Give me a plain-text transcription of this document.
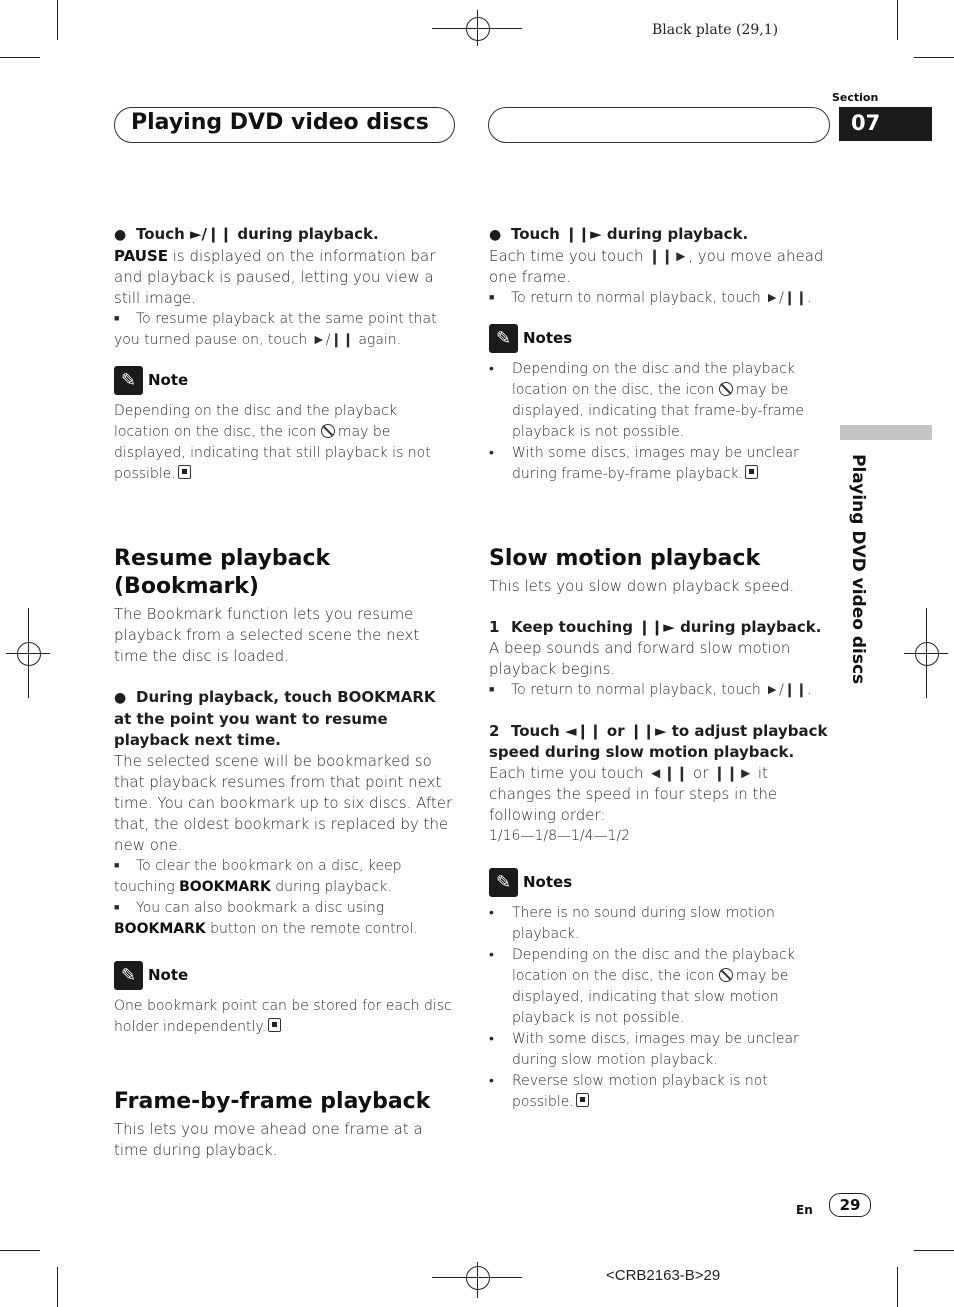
Black plate (29,1)
Playing DVD video discs
Section
07
Playing DVD video discs
● Touch ►/❙❙ during playback.

PAUSE is displayed on the information bar and playback is paused, letting you view a still image.

■ To resume playback at the same point that you turned pause on, touch ►/❙❙ again.

✎ Note

Depending on the disc and the playback location on the disc, the icon may be displayed, indicating that still playback is not possible.

Resume playback (Bookmark)

The Bookmark function lets you resume playback from a selected scene the next time the disc is loaded.

● During playback, touch BOOKMARK at the point you want to resume playback next time.

The selected scene will be bookmarked so that playback resumes from that point next time. You can bookmark up to six discs. After that, the oldest bookmark is replaced by the new one.

■ To clear the bookmark on a disc, keep touching BOOKMARK during playback.

■ You can also bookmark a disc using BOOKMARK button on the remote control.

✎ Note

One bookmark point can be stored for each disc holder independently.

Frame-by-frame playback

This lets you move ahead one frame at a time during playback.

● Touch ❙❙► during playback.

Each time you touch ❙❙►, you move ahead one frame.

■ To return to normal playback, touch ►/❙❙.

✎ Notes
• Depending on the disc and the playback location on the disc, the icon may be displayed, indicating that frame-by-frame playback is not possible.
• With some discs, images may be unclear during frame-by-frame playback.
Slow motion playback

This lets you slow down playback speed.

1 Keep touching ❙❙► during playback.

A beep sounds and forward slow motion playback begins.

■ To return to normal playback, touch ►/❙❙.

2 Touch ◄❙❙ or ❙❙► to adjust playback speed during slow motion playback.

Each time you touch ◄❙❙ or ❙❙► it changes the speed in four steps in the following order:

1/16—1/8—1/4—1/2

✎ Notes
• There is no sound during slow motion playback.
• Depending on the disc and the playback location on the disc, the icon may be displayed, indicating that slow motion playback is not possible.
• With some discs, images may be unclear during slow motion playback.
• Reverse slow motion playback is not possible.
En	29
<CRB2163-B>29
